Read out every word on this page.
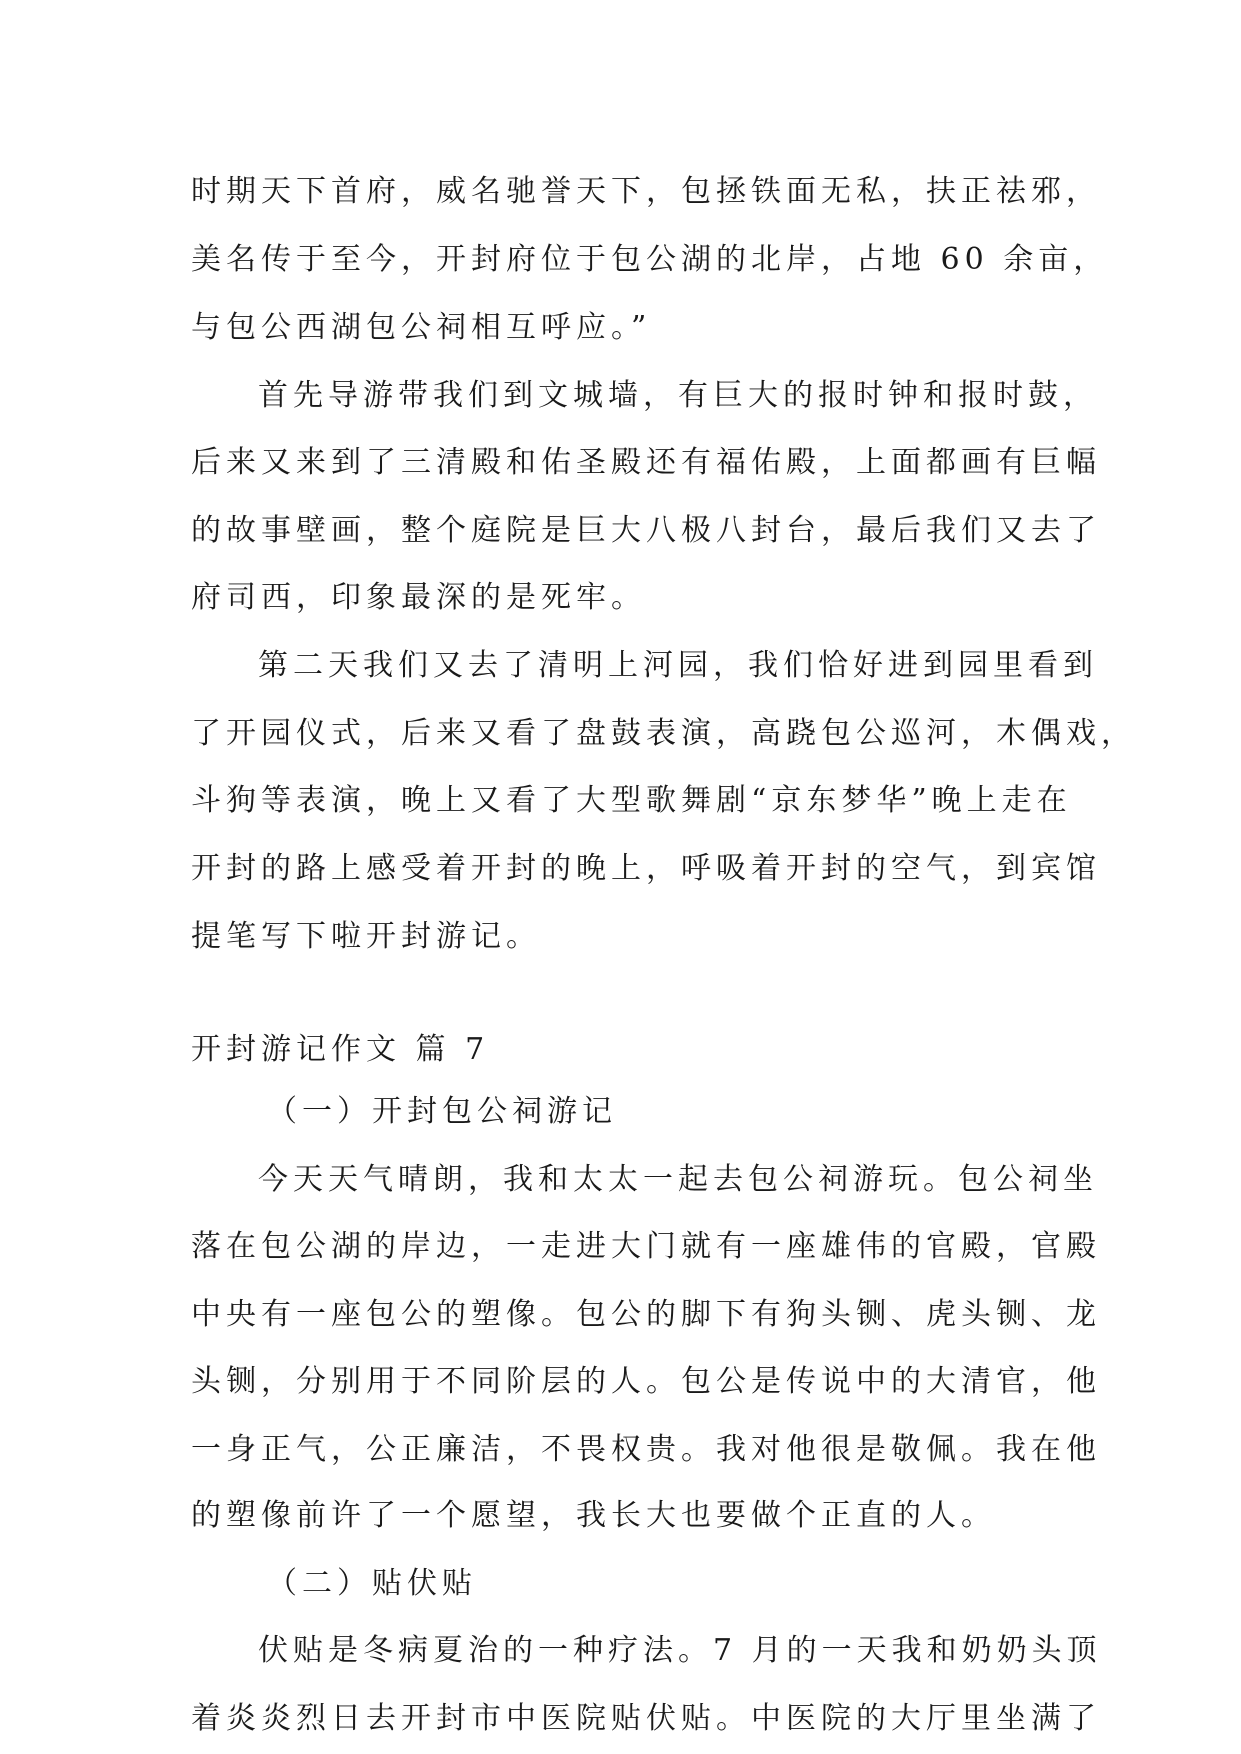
时期天下首府，威名驰誉天下，包拯铁面无私，扶正祛邪，
美名传于至今，开封府位于包公湖的北岸，占地 60 余亩，
与包公西湖包公祠相互呼应。”
首先导游带我们到文城墙，有巨大的报时钟和报时鼓，
后来又来到了三清殿和佑圣殿还有福佑殿，上面都画有巨幅
的故事壁画，整个庭院是巨大八极八封台，最后我们又去了
府司西，印象最深的是死牢。
第二天我们又去了清明上河园，我们恰好进到园里看到
了开园仪式，后来又看了盘鼓表演，高跷包公巡河，木偶戏，
斗狗等表演，晚上又看了大型歌舞剧“京东梦华”晚上走在
开封的路上感受着开封的晚上，呼吸着开封的空气，到宾馆
提笔写下啦开封游记。
开封游记作文 篇 7
（一）开封包公祠游记
今天天气晴朗，我和太太一起去包公祠游玩。包公祠坐
落在包公湖的岸边，一走进大门就有一座雄伟的官殿，官殿
中央有一座包公的塑像。包公的脚下有狗头铡、虎头铡、龙
头铡，分别用于不同阶层的人。包公是传说中的大清官，他
一身正气，公正廉洁，不畏权贵。我对他很是敬佩。我在他
的塑像前许了一个愿望，我长大也要做个正直的人。
（二）贴伏贴
伏贴是冬病夏治的一种疗法。7 月的一天我和奶奶头顶
着炎炎烈日去开封市中医院贴伏贴。中医院的大厅里坐满了
